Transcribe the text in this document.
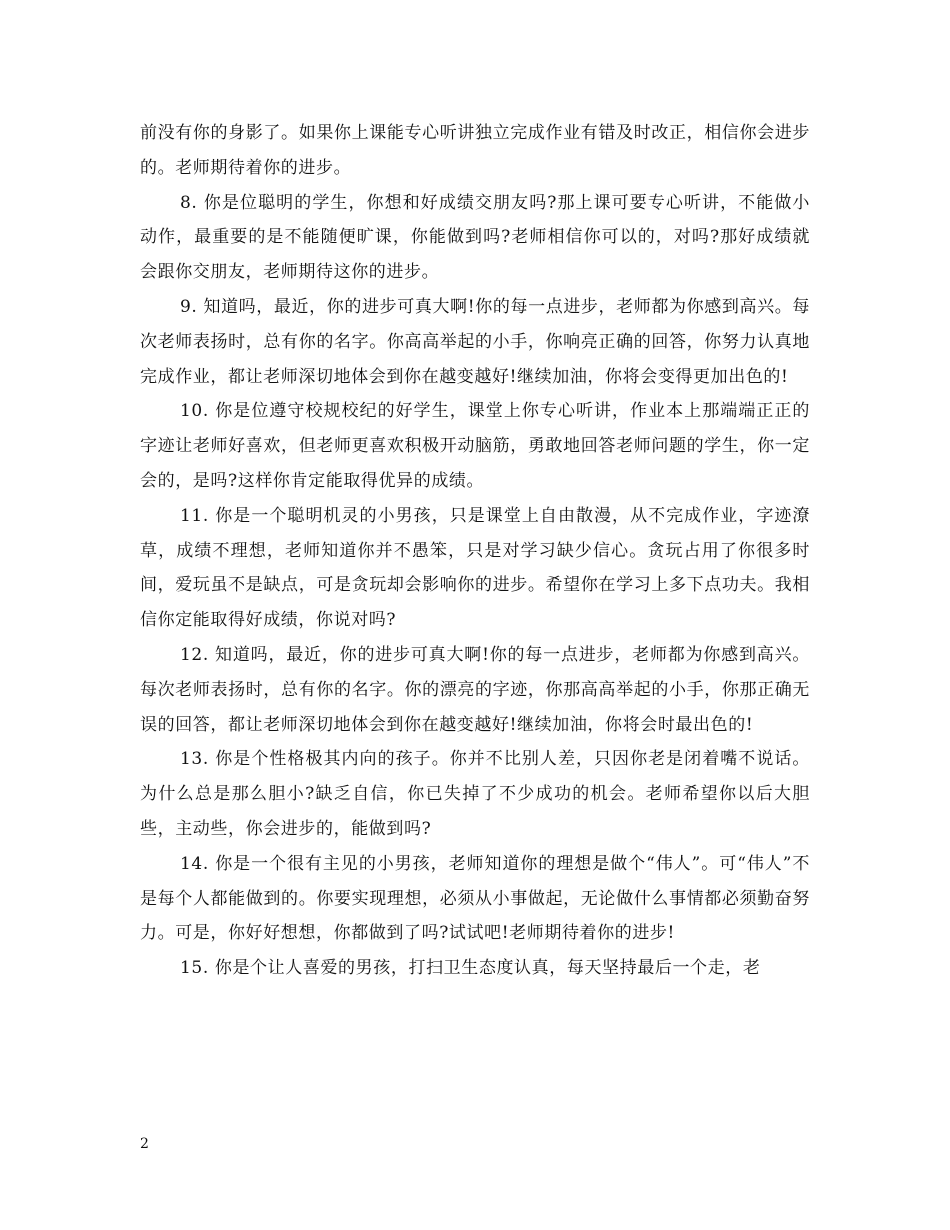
前没有你的身影了。如果你上课能专心听讲独立完成作业有错及时改正，相信你会进步的。老师期待着你的进步。

8. 你是位聪明的学生，你想和好成绩交朋友吗?那上课可要专心听讲，不能做小动作，最重要的是不能随便旷课，你能做到吗?老师相信你可以的，对吗?那好成绩就会跟你交朋友，老师期待这你的进步。

9. 知道吗，最近，你的进步可真大啊!你的每一点进步，老师都为你感到高兴。每次老师表扬时，总有你的名字。你高高举起的小手，你响亮正确的回答，你努力认真地完成作业，都让老师深切地体会到你在越变越好!继续加油，你将会变得更加出色的!

10. 你是位遵守校规校纪的好学生，课堂上你专心听讲，作业本上那端端正正的字迹让老师好喜欢，但老师更喜欢积极开动脑筋，勇敢地回答老师问题的学生，你一定会的，是吗?这样你肯定能取得优异的成绩。

11. 你是一个聪明机灵的小男孩，只是课堂上自由散漫，从不完成作业，字迹潦草，成绩不理想，老师知道你并不愚笨，只是对学习缺少信心。贪玩占用了你很多时间，爱玩虽不是缺点，可是贪玩却会影响你的进步。希望你在学习上多下点功夫。我相信你定能取得好成绩，你说对吗?

12. 知道吗，最近，你的进步可真大啊!你的每一点进步，老师都为你感到高兴。每次老师表扬时，总有你的名字。你的漂亮的字迹，你那高高举起的小手，你那正确无误的回答，都让老师深切地体会到你在越变越好!继续加油，你将会时最出色的!

13. 你是个性格极其内向的孩子。你并不比别人差，只因你老是闭着嘴不说话。为什么总是那么胆小?缺乏自信，你已失掉了不少成功的机会。老师希望你以后大胆些，主动些，你会进步的，能做到吗?

14. 你是一个很有主见的小男孩，老师知道你的理想是做个“伟人”。可“伟人”不是每个人都能做到的。你要实现理想，必须从小事做起，无论做什么事情都必须勤奋努力。可是，你好好想想，你都做到了吗?试试吧!老师期待着你的进步!

15. 你是个让人喜爱的男孩，打扫卫生态度认真，每天坚持最后一个走，老

2
